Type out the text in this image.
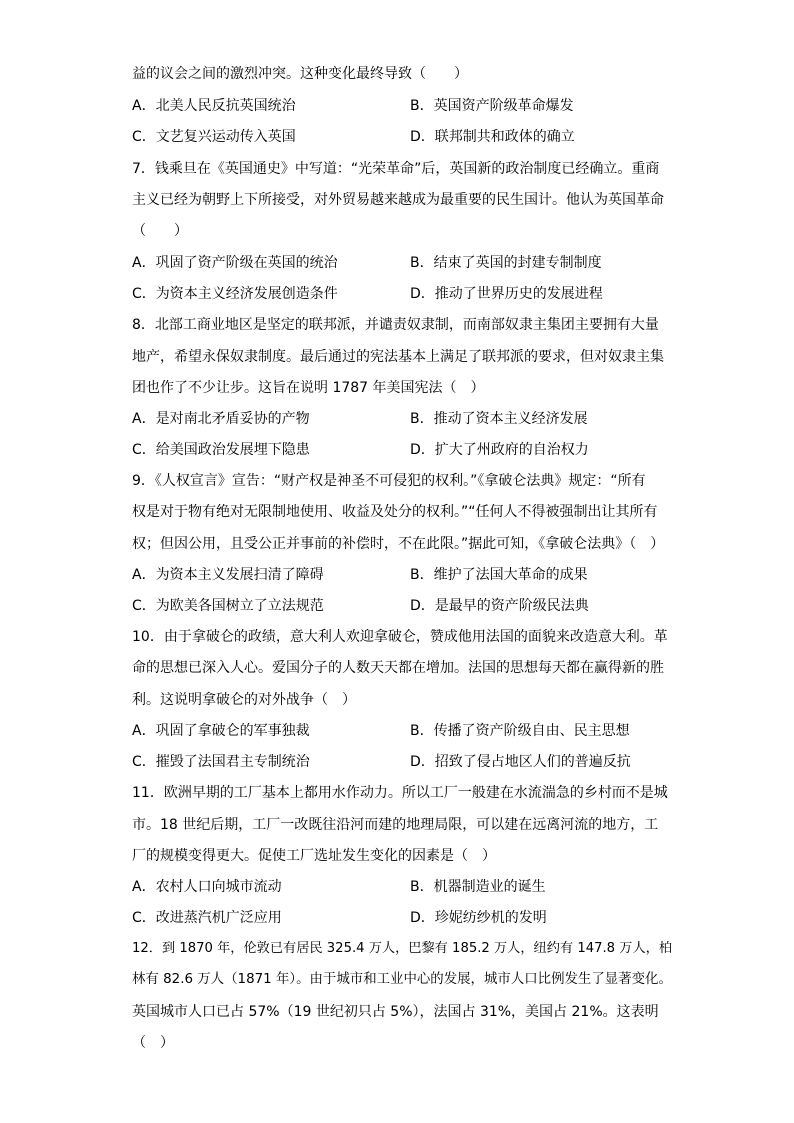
益的议会之间的激烈冲突。这种变化最终导致（　　）
A．北美人民反抗英国统治	B．英国资产阶级革命爆发
C．文艺复兴运动传入英国	D．联邦制共和政体的确立
7．钱乘旦在《英国通史》中写道：“光荣革命”后，英国新的政治制度已经确立。重商
主义已经为朝野上下所接受，对外贸易越来越成为最重要的民生国计。他认为英国革命
（　　）
A．巩固了资产阶级在英国的统治	B．结束了英国的封建专制制度
C．为资本主义经济发展创造条件	D．推动了世界历史的发展进程
8．北部工商业地区是坚定的联邦派，并谴责奴隶制，而南部奴隶主集团主要拥有大量
地产，希望永保奴隶制度。最后通过的宪法基本上满足了联邦派的要求，但对奴隶主集
团也作了不少让步。这旨在说明 1787 年美国宪法（　）
A．是对南北矛盾妥协的产物	B．推动了资本主义经济发展
C．给美国政治发展埋下隐患	D．扩大了州政府的自治权力
9．《人权宣言》宣告：“财产权是神圣不可侵犯的权利。”《拿破仑法典》规定：“所有
权是对于物有绝对无限制地使用、收益及处分的权利。”“任何人不得被强制出让其所有
权；但因公用，且受公正并事前的补偿时，不在此限。”据此可知，《拿破仑法典》（　）
A．为资本主义发展扫清了障碍	B．维护了法国大革命的成果
C．为欧美各国树立了立法规范	D．是最早的资产阶级民法典
10．由于拿破仑的政绩，意大利人欢迎拿破仑，赞成他用法国的面貌来改造意大利。革
命的思想已深入人心。爱国分子的人数天天都在增加。法国的思想每天都在赢得新的胜
利。这说明拿破仑的对外战争（　）
A．巩固了拿破仑的军事独裁	B．传播了资产阶级自由、民主思想
C．摧毁了法国君主专制统治	D．招致了侵占地区人们的普遍反抗
11．欧洲早期的工厂基本上都用水作动力。所以工厂一般建在水流湍急的乡村而不是城
市。18 世纪后期，工厂一改既往沿河而建的地理局限，可以建在远离河流的地方，工
厂的规模变得更大。促使工厂选址发生变化的因素是（　）
A．农村人口向城市流动	B．机器制造业的诞生
C．改进蒸汽机广泛应用	D．珍妮纺纱机的发明
12．到 1870 年，伦敦已有居民 325.4 万人，巴黎有 185.2 万人，纽约有 147.8 万人，柏
林有 82.6 万人（1871 年）。由于城市和工业中心的发展，城市人口比例发生了显著变化。
英国城市人口已占 57%（19 世纪初只占 5%），法国占 31%，美国占 21%。这表明
（　）
